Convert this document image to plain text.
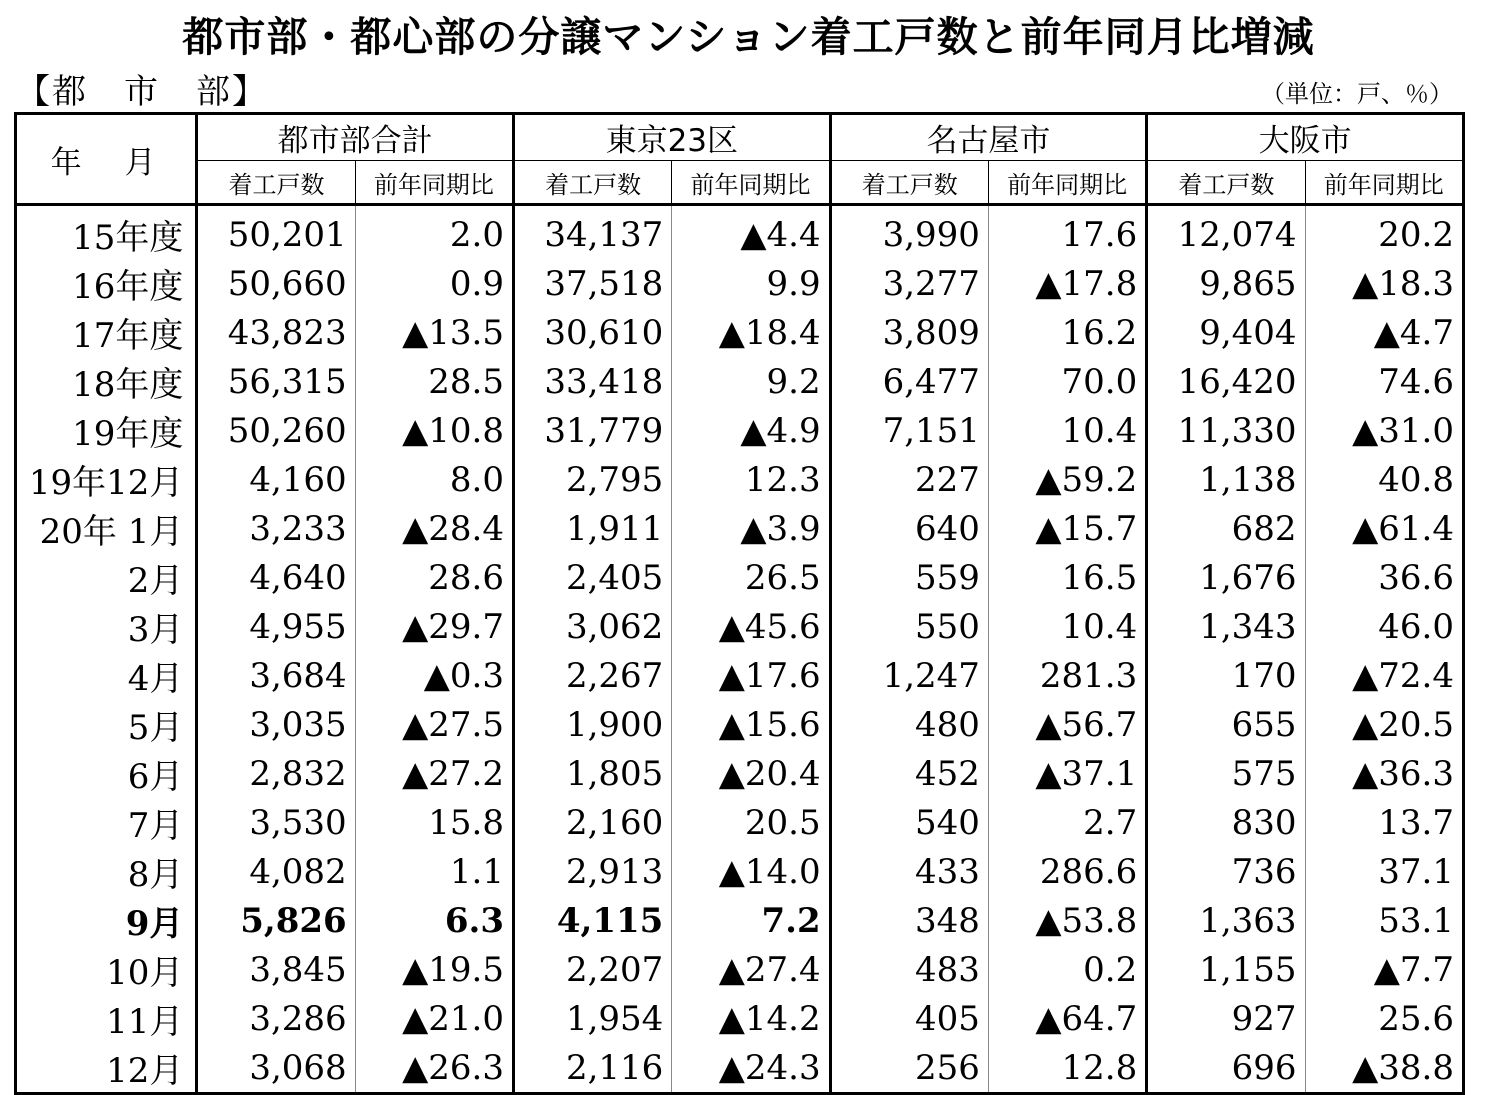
都市部・都心部の分譲マンション着工戸数と前年同月比増減
【都　市　部】	（単位：戸、％）
年　月	都市部合計		東京23区		名古屋市		大阪市	
	着工戸数	前年同期比	着工戸数	前年同期比	着工戸数	前年同期比	着工戸数	前年同期比
15年度	50,201	2.0	34,137	▲4.4	3,990	17.6	12,074	20.2
16年度	50,660	0.9	37,518	9.9	3,277	▲17.8	9,865	▲18.3
17年度	43,823	▲13.5	30,610	▲18.4	3,809	16.2	9,404	▲4.7
18年度	56,315	28.5	33,418	9.2	6,477	70.0	16,420	74.6
19年度	50,260	▲10.8	31,779	▲4.9	7,151	10.4	11,330	▲31.0
19年12月	4,160	8.0	2,795	12.3	227	▲59.2	1,138	40.8
20年 1月	3,233	▲28.4	1,911	▲3.9	640	▲15.7	682	▲61.4
2月	4,640	28.6	2,405	26.5	559	16.5	1,676	36.6
3月	4,955	▲29.7	3,062	▲45.6	550	10.4	1,343	46.0
4月	3,684	▲0.3	2,267	▲17.6	1,247	281.3	170	▲72.4
5月	3,035	▲27.5	1,900	▲15.6	480	▲56.7	655	▲20.5
6月	2,832	▲27.2	1,805	▲20.4	452	▲37.1	575	▲36.3
7月	3,530	15.8	2,160	20.5	540	2.7	830	13.7
8月	4,082	1.1	2,913	▲14.0	433	286.6	736	37.1
9月	5,826	6.3	4,115	7.2	348	▲53.8	1,363	53.1
10月	3,845	▲19.5	2,207	▲27.4	483	0.2	1,155	▲7.7
11月	3,286	▲21.0	1,954	▲14.2	405	▲64.7	927	25.6
12月	3,068	▲26.3	2,116	▲24.3	256	12.8	696	▲38.8
